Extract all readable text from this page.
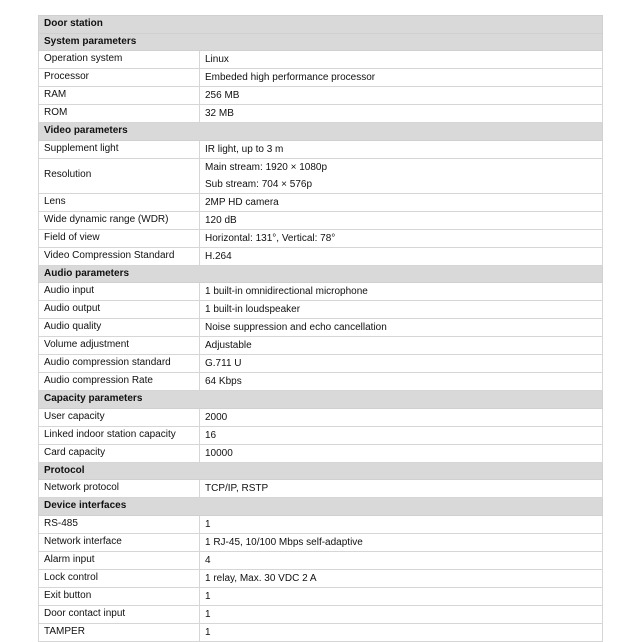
Door station	
System parameters	
Operation system	Linux

Processor	Embeded high performance processor

RAM	256 MB

ROM	32 MB

Video parameters	
Supplement light	IR light, up to 3 m

Resolution	Main stream: 1920 × 1080p
Sub stream: 704 × 576p

Lens	2MP HD camera

Wide dynamic range (WDR)	120 dB

Field of view	Horizontal: 131°, Vertical: 78°

Video Compression Standard	H.264

Audio parameters	
Audio input	1 built-in omnidirectional microphone

Audio output	1 built-in loudspeaker

Audio quality	Noise suppression and echo cancellation

Volume adjustment	Adjustable

Audio compression standard	G.711 U

Audio compression Rate	64 Kbps

Capacity parameters	
User capacity	2000

Linked indoor station capacity	16

Card capacity	10000

Protocol	
Network protocol	TCP/IP, RSTP

Device interfaces	
RS-485	1

Network interface	1 RJ-45, 10/100 Mbps self-adaptive

Alarm input	4

Lock control	1 relay, Max. 30 VDC 2 A

Exit button	1

Door contact input	1

TAMPER	1
